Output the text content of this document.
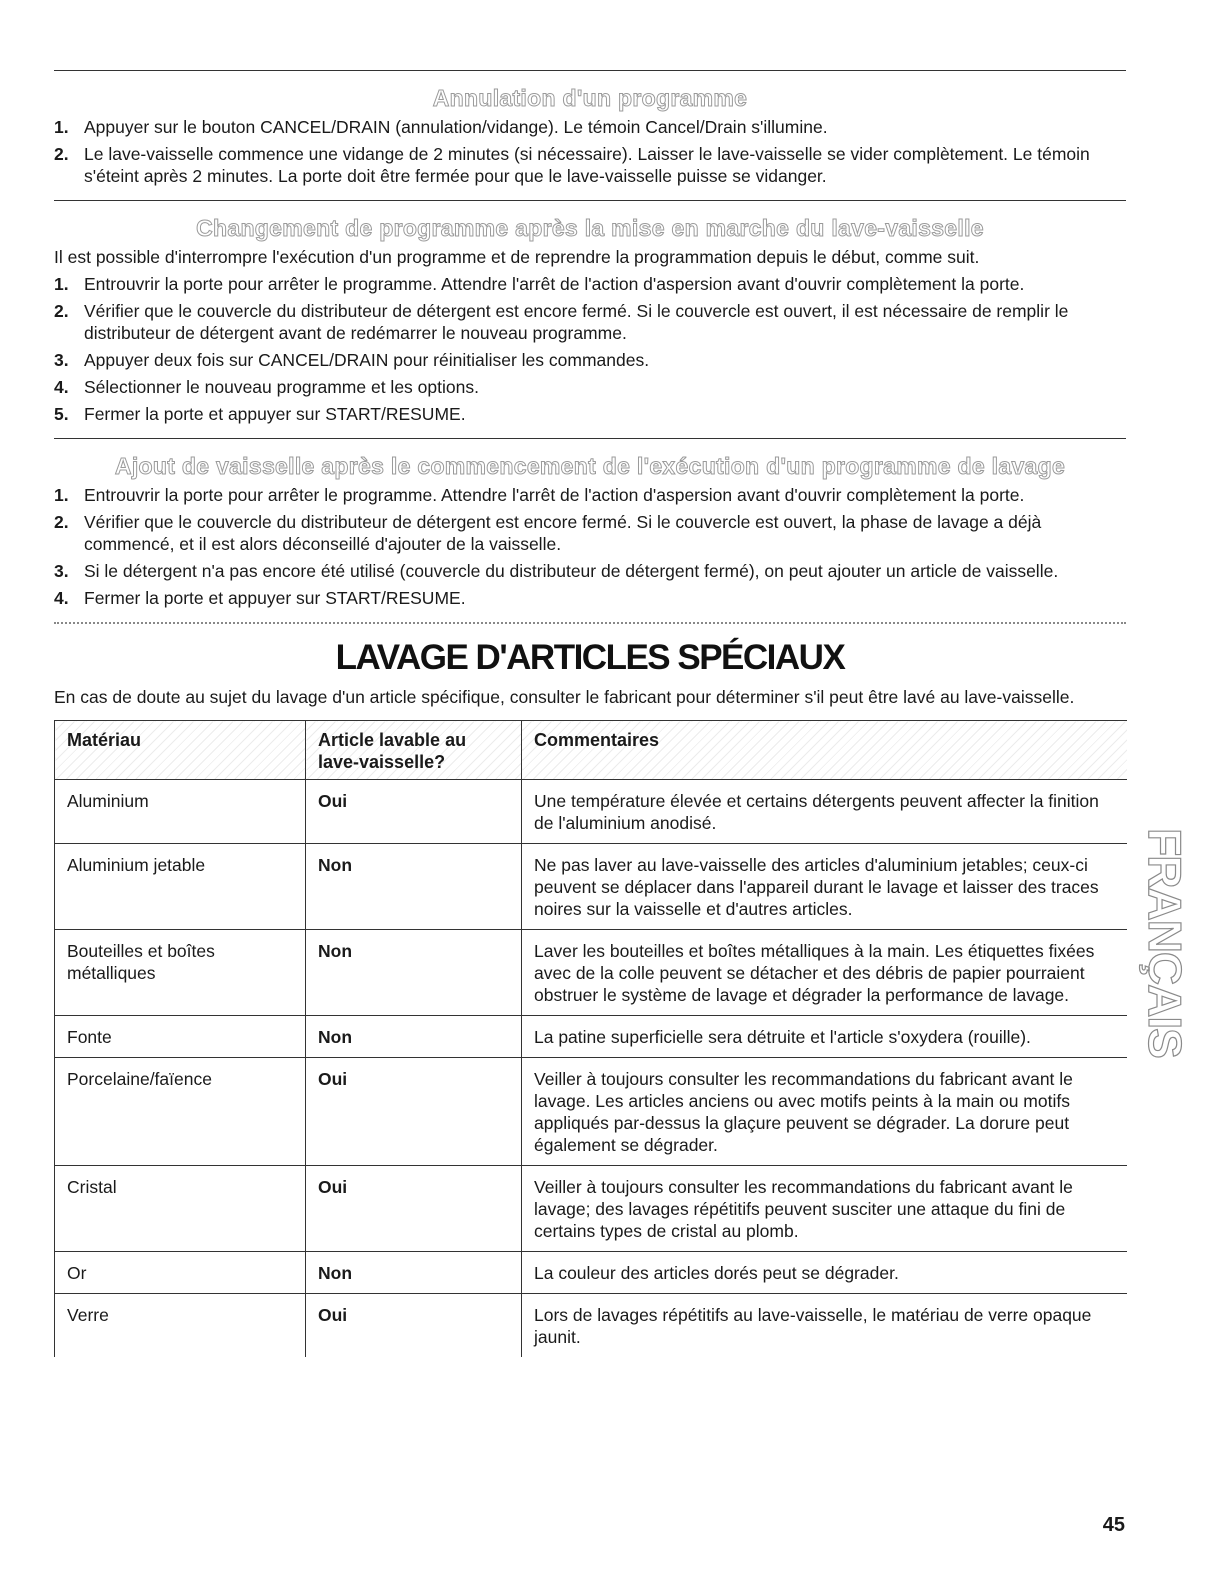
Annulation d'un programme
1. Appuyer sur le bouton CANCEL/DRAIN (annulation/vidange). Le témoin Cancel/Drain s'illumine.
2. Le lave-vaisselle commence une vidange de 2 minutes (si nécessaire). Laisser le lave-vaisselle se vider complètement. Le témoin s'éteint après 2 minutes. La porte doit être fermée pour que le lave-vaisselle puisse se vidanger.
Changement de programme après la mise en marche du lave-vaisselle

Il est possible d'interrompre l'exécution d'un programme et de reprendre la programmation depuis le début, comme suit.

1. Entrouvrir la porte pour arrêter le programme. Attendre l'arrêt de l'action d'aspersion avant d'ouvrir complètement la porte.
2. Vérifier que le couvercle du distributeur de détergent est encore fermé. Si le couvercle est ouvert, il est nécessaire de remplir le distributeur de détergent avant de redémarrer le nouveau programme.
3. Appuyer deux fois sur CANCEL/DRAIN pour réinitialiser les commandes.
4. Sélectionner le nouveau programme et les options.
5. Fermer la porte et appuyer sur START/RESUME.
Ajout de vaisselle après le commencement de l'exécution d'un programme de lavage
1. Entrouvrir la porte pour arrêter le programme. Attendre l'arrêt de l'action d'aspersion avant d'ouvrir complètement la porte.
2. Vérifier que le couvercle du distributeur de détergent est encore fermé. Si le couvercle est ouvert, la phase de lavage a déjà commencé, et il est alors déconseillé d'ajouter de la vaisselle.
3. Si le détergent n'a pas encore été utilisé (couvercle du distributeur de détergent fermé), on peut ajouter un article de vaisselle.
4. Fermer la porte et appuyer sur START/RESUME.
LAVAGE D'ARTICLES SPÉCIAUX

En cas de doute au sujet du lavage d'un article spécifique, consulter le fabricant pour déterminer s'il peut être lavé au lave-vaisselle.

Matériau	Article lavable au lave-vaisselle?	Commentaires
Aluminium	Oui	Une température élevée et certains détergents peuvent affecter la finition de l'aluminium anodisé.
Aluminium jetable	Non	Ne pas laver au lave-vaisselle des articles d'aluminium jetables; ceux-ci peuvent se déplacer dans l'appareil durant le lavage et laisser des traces noires sur la vaisselle et d'autres articles.
Bouteilles et boîtes métalliques	Non	Laver les bouteilles et boîtes métalliques à la main. Les étiquettes fixées avec de la colle peuvent se détacher et des débris de papier pourraient obstruer le système de lavage et dégrader la performance de lavage.
Fonte	Non	La patine superficielle sera détruite et l'article s'oxydera (rouille).
Porcelaine/faïence	Oui	Veiller à toujours consulter les recommandations du fabricant avant le lavage. Les articles anciens ou avec motifs peints à la main ou motifs appliqués par-dessus la glaçure peuvent se dégrader. La dorure peut également se dégrader.
Cristal	Oui	Veiller à toujours consulter les recommandations du fabricant avant le lavage; des lavages répétitifs peuvent susciter une attaque du fini de certains types de cristal au plomb.
Or	Non	La couleur des articles dorés peut se dégrader.
Verre	Oui	Lors de lavages répétitifs au lave-vaisselle, le matériau de verre opaque jaunit.
FRANÇAIS
45
